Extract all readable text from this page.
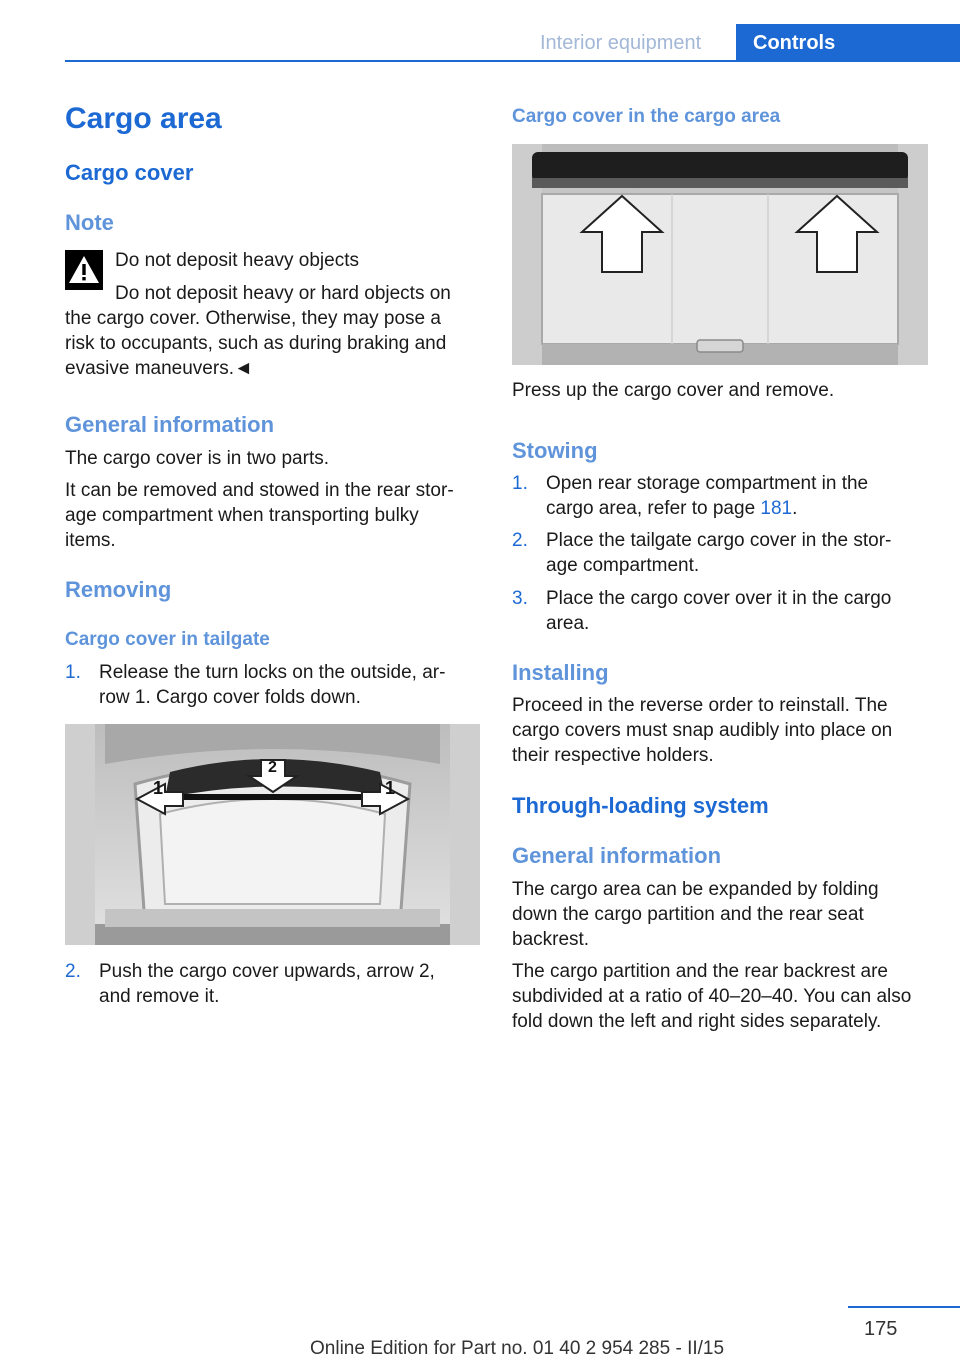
Interior equipment	Controls
Cargo area
Cargo cover
Note
Do not deposit heavy objects
Do not deposit heavy or hard objects on
the cargo cover. Otherwise, they may pose a
risk to occupants, such as during braking and
evasive maneuvers.◄
General information
The cargo cover is in two parts.
It can be removed and stowed in the rear stor‐
age compartment when transporting bulky
items.
Removing
Cargo cover in tailgate
1. Release the turn locks on the outside, ar‐
row 1. Cargo cover folds down.
1
2
1
2. Push the cargo cover upwards, arrow 2,
and remove it.
Cargo cover in the cargo area
Press up the cargo cover and remove.
Stowing
1. Open rear storage compartment in the
cargo area, refer to page 181.
2. Place the tailgate cargo cover in the stor‐
age compartment.
3. Place the cargo cover over it in the cargo
area.
Installing
Proceed in the reverse order to reinstall. The
cargo covers must snap audibly into place on
their respective holders.
Through-loading system
General information
The cargo area can be expanded by folding
down the cargo partition and the rear seat
backrest.
The cargo partition and the rear backrest are
subdivided at a ratio of 40–20–40. You can also
fold down the left and right sides separately.
175
Online Edition for Part no. 01 40 2 954 285 - II/15
